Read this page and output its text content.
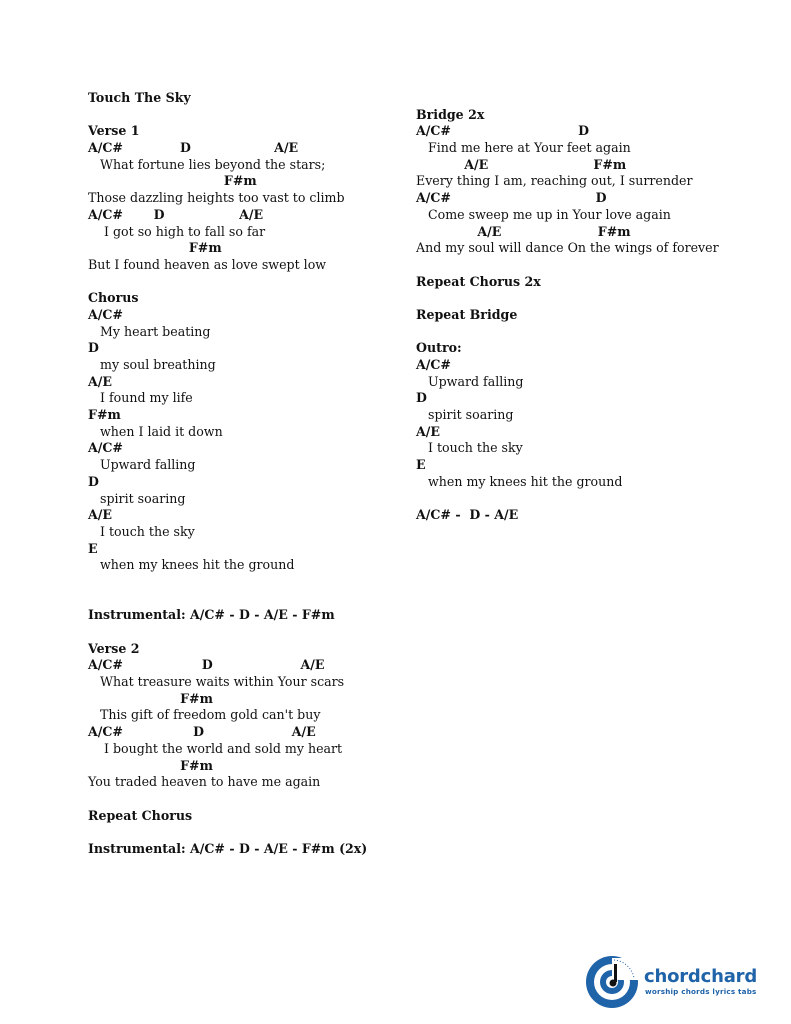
Touch The Sky
Verse 1
A/C#             D                   A/E
What fortune lies beyond the stars;
F#m
Those dazzling heights too vast to climb
A/C#       D                 A/E
I got so high to fall so far
F#m
But I found heaven as love swept low
Chorus
A/C#
My heart beating
D
my soul breathing
A/E
I found my life
F#m
when I laid it down
A/C#
Upward falling
D
spirit soaring
A/E
I touch the sky
E
when my knees hit the ground
Instrumental: A/C# - D - A/E - F#m
Verse 2
A/C#                  D                    A/E
What treasure waits within Your scars
F#m
This gift of freedom gold can't buy
A/C#                D                    A/E
I bought the world and sold my heart
F#m
You traded heaven to have me again
Repeat Chorus
Instrumental: A/C# - D - A/E - F#m (2x)
Bridge 2x
A/C#                             D
Find me here at Your feet again
A/E                        F#m
Every thing I am, reaching out, I surrender
A/C#                                 D
Come sweep me up in Your love again
A/E                      F#m
And my soul will dance On the wings of forever
Repeat Chorus 2x
Repeat Bridge
Outro:
A/C#
Upward falling
D
spirit soaring
A/E
I touch the sky
E
when my knees hit the ground
A/C# -  D - A/E
chordchard
worship chords lyrics tabs
